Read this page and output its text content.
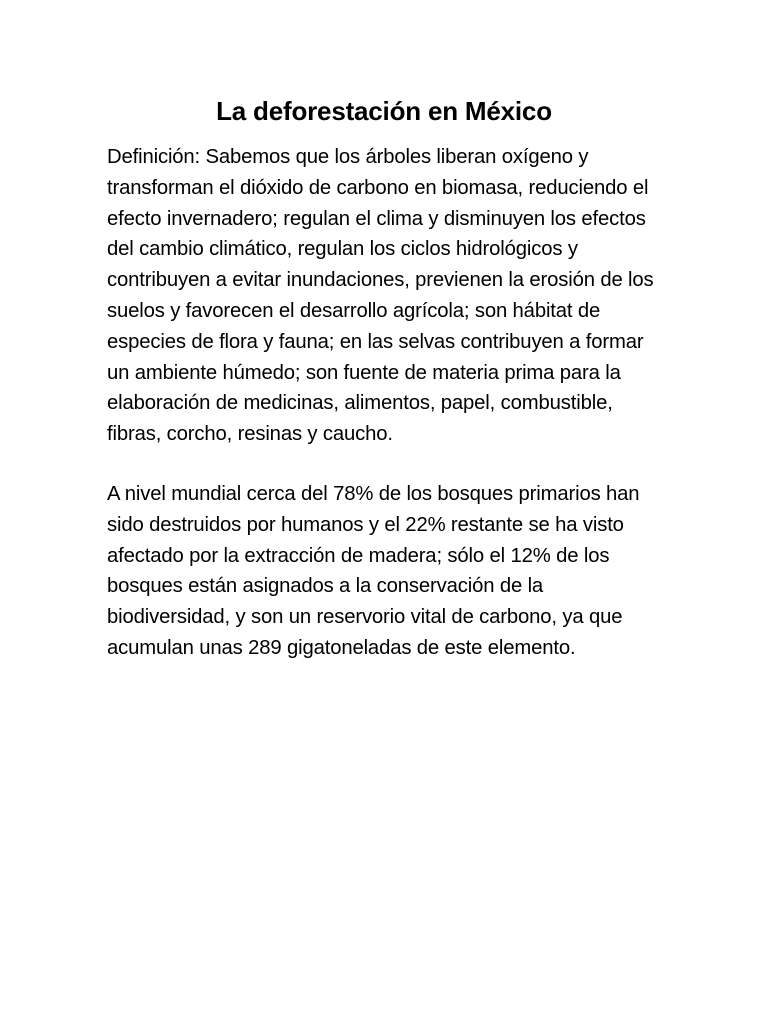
La deforestación en México

Definición: Sabemos que los árboles liberan oxígeno y transforman el dióxido de carbono en biomasa, reduciendo el efecto invernadero; regulan el clima y disminuyen los efectos del cambio climático, regulan los ciclos hidrológicos y contribuyen a evitar inundaciones, previenen la erosión de los suelos y favorecen el desarrollo agrícola; son hábitat de especies de flora y fauna; en las selvas contribuyen a formar un ambiente húmedo; son fuente de materia prima para la elaboración de medicinas, alimentos, papel, combustible, fibras, corcho, resinas y caucho.

A nivel mundial cerca del 78% de los bosques primarios han sido destruidos por humanos y el 22% restante se ha visto afectado por la extracción de madera; sólo el 12% de los bosques están asignados a la conservación de la biodiversidad, y son un reservorio vital de carbono, ya que acumulan unas 289 gigatoneladas de este elemento.
